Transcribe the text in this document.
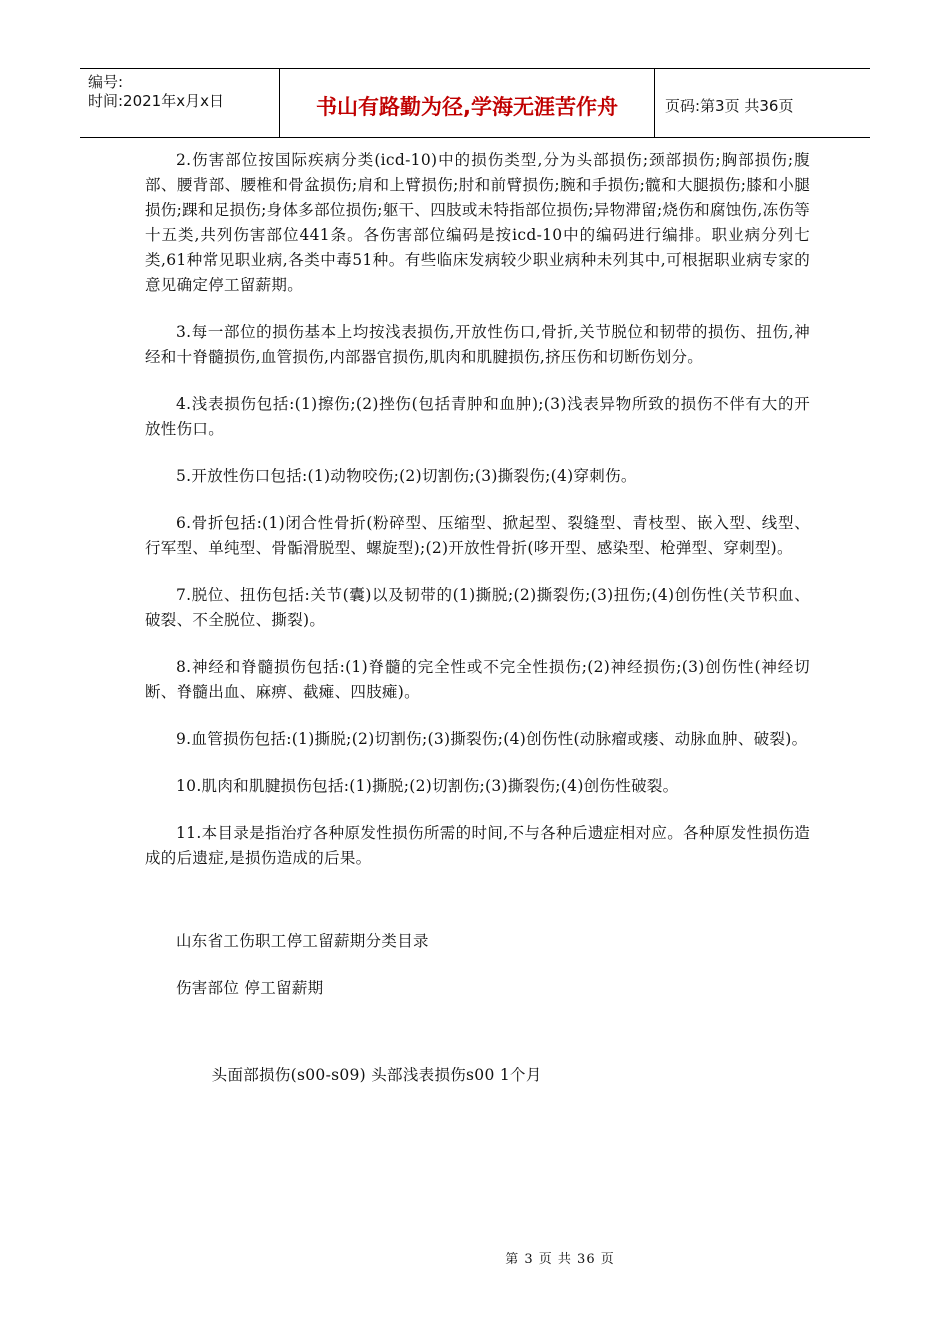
编号:
时间:2021年x月x日	书山有路勤为径,学海无涯苦作舟	页码:第3页 共36页

2.伤害部位按国际疾病分类(icd-10)中的损伤类型,分为头部损伤;颈部损伤;胸部损伤;腹部、腰背部、腰椎和骨盆损伤;肩和上臂损伤;肘和前臂损伤;腕和手损伤;髋和大腿损伤;膝和小腿损伤;踝和足损伤;身体多部位损伤;躯干、四肢或未特指部位损伤;异物滞留;烧伤和腐蚀伤,冻伤等十五类,共列伤害部位441条。各伤害部位编码是按icd-10中的编码进行编排。职业病分列七类,61种常见职业病,各类中毒51种。有些临床发病较少职业病种未列其中,可根据职业病专家的意见确定停工留薪期。

3.每一部位的损伤基本上均按浅表损伤,开放性伤口,骨折,关节脱位和韧带的损伤、扭伤,神经和十脊髓损伤,血管损伤,内部器官损伤,肌肉和肌腱损伤,挤压伤和切断伤划分。

4.浅表损伤包括:(1)擦伤;(2)挫伤(包括青肿和血肿);(3)浅表异物所致的损伤不伴有大的开放性伤口。

5.开放性伤口包括:(1)动物咬伤;(2)切割伤;(3)撕裂伤;(4)穿刺伤。

6.骨折包括:(1)闭合性骨折(粉碎型、压缩型、掀起型、裂缝型、青枝型、嵌入型、线型、行军型、单纯型、骨骺滑脱型、螺旋型);(2)开放性骨折(哆开型、感染型、枪弹型、穿刺型)。

7.脱位、扭伤包括:关节(囊)以及韧带的(1)撕脱;(2)撕裂伤;(3)扭伤;(4)创伤性(关节积血、破裂、不全脱位、撕裂)。

8.神经和脊髓损伤包括:(1)脊髓的完全性或不完全性损伤;(2)神经损伤;(3)创伤性(神经切断、脊髓出血、麻痹、截瘫、四肢瘫)。

9.血管损伤包括:(1)撕脱;(2)切割伤;(3)撕裂伤;(4)创伤性(动脉瘤或瘘、动脉血肿、破裂)。

10.肌肉和肌腱损伤包括:(1)撕脱;(2)切割伤;(3)撕裂伤;(4)创伤性破裂。

11.本目录是指治疗各种原发性损伤所需的时间,不与各种后遗症相对应。各种原发性损伤造成的后遗症,是损伤造成的后果。

山东省工伤职工停工留薪期分类目录

伤害部位 停工留薪期

头面部损伤(s00-s09) 头部浅表损伤s00 1个月

第 3 页 共 36 页
